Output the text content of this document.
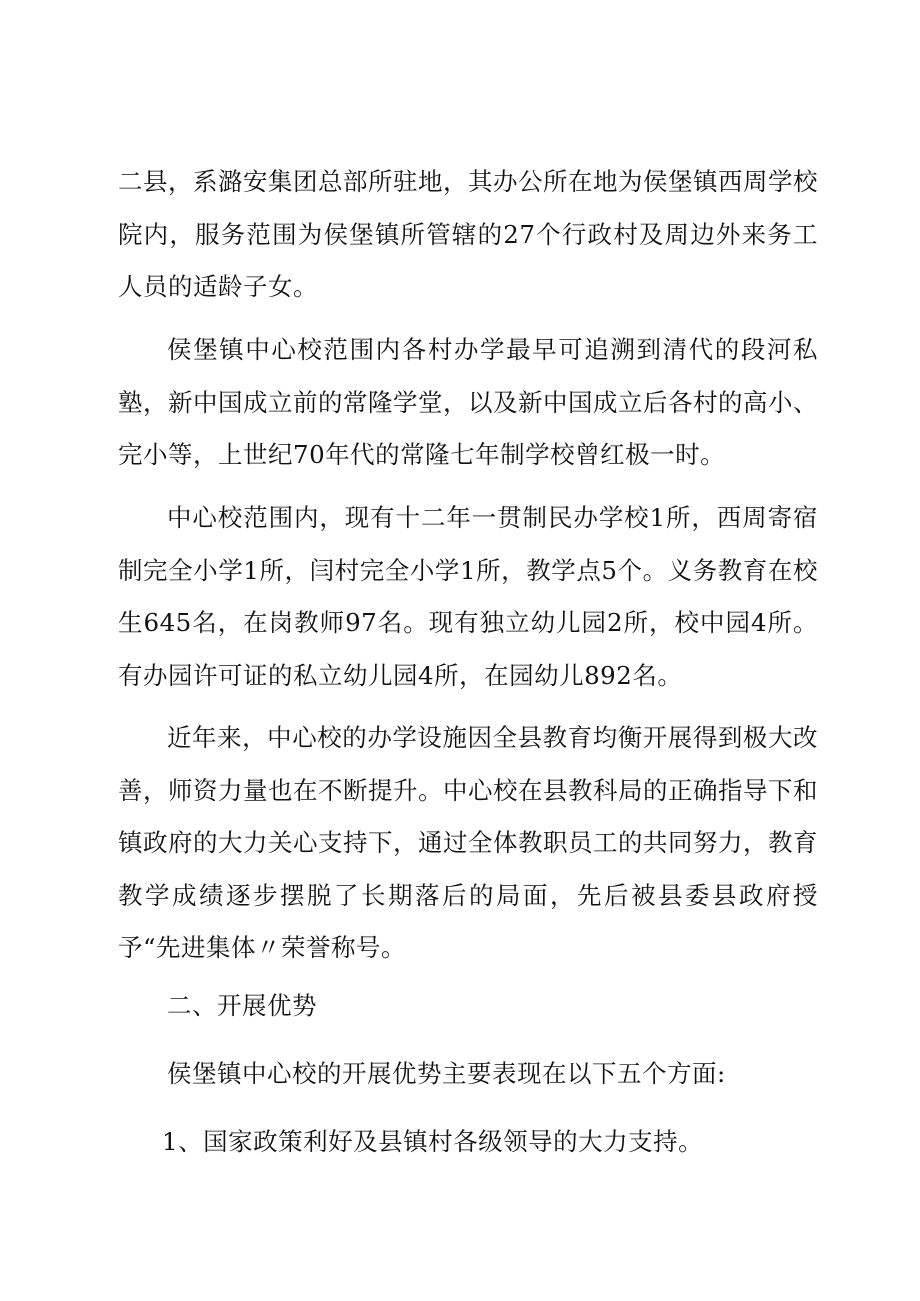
二县，系潞安集团总部所驻地，其办公所在地为侯堡镇西周学校院内，服务范围为侯堡镇所管辖的27个行政村及周边外来务工人员的适龄子女。

侯堡镇中心校范围内各村办学最早可追溯到清代的段河私塾，新中国成立前的常隆学堂，以及新中国成立后各村的高小、完小等，上世纪70年代的常隆七年制学校曾红极一时。

中心校范围内，现有十二年一贯制民办学校1所，西周寄宿制完全小学1所，闫村完全小学1所，教学点5个。义务教育在校生645名，在岗教师97名。现有独立幼儿园2所，校中园4所。有办园许可证的私立幼儿园4所，在园幼儿892名。

近年来，中心校的办学设施因全县教育均衡开展得到极大改善，师资力量也在不断提升。中心校在县教科局的正确指导下和镇政府的大力关心支持下，通过全体教职员工的共同努力，教育教学成绩逐步摆脱了长期落后的局面，先后被县委县政府授予“先进集体〃荣誉称号。

二、开展优势

侯堡镇中心校的开展优势主要表现在以下五个方面:

1、国家政策利好及县镇村各级领导的大力支持。
